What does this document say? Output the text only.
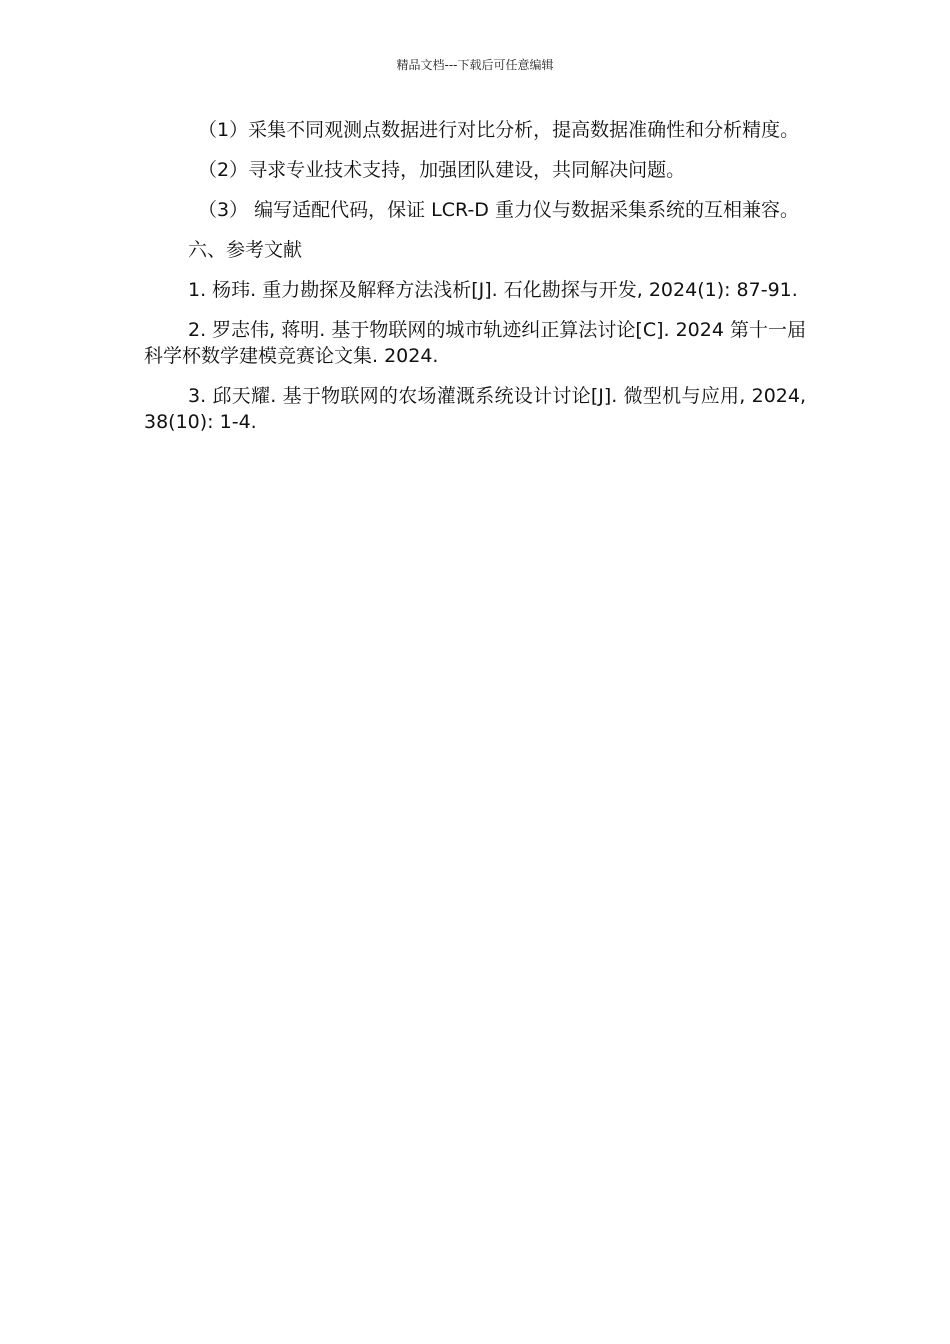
精品文档---下载后可任意编辑

（1）采集不同观测点数据进行对比分析，提高数据准确性和分析精度。

（2）寻求专业技术支持，加强团队建设，共同解决问题。

（3） 编写适配代码，保证 LCR-D 重力仪与数据采集系统的互相兼容。

六、参考文献

1. 杨玮. 重力勘探及解释方法浅析[J]. 石化勘探与开发, 2024(1): 87-91.

2. 罗志伟, 蒋明. 基于物联网的城市轨迹纠正算法讨论[C]. 2024 第十一届科学杯数学建模竞赛论文集. 2024.

3. 邱天耀. 基于物联网的农场灌溉系统设计讨论[J]. 微型机与应用, 2024, 38(10): 1-4.
